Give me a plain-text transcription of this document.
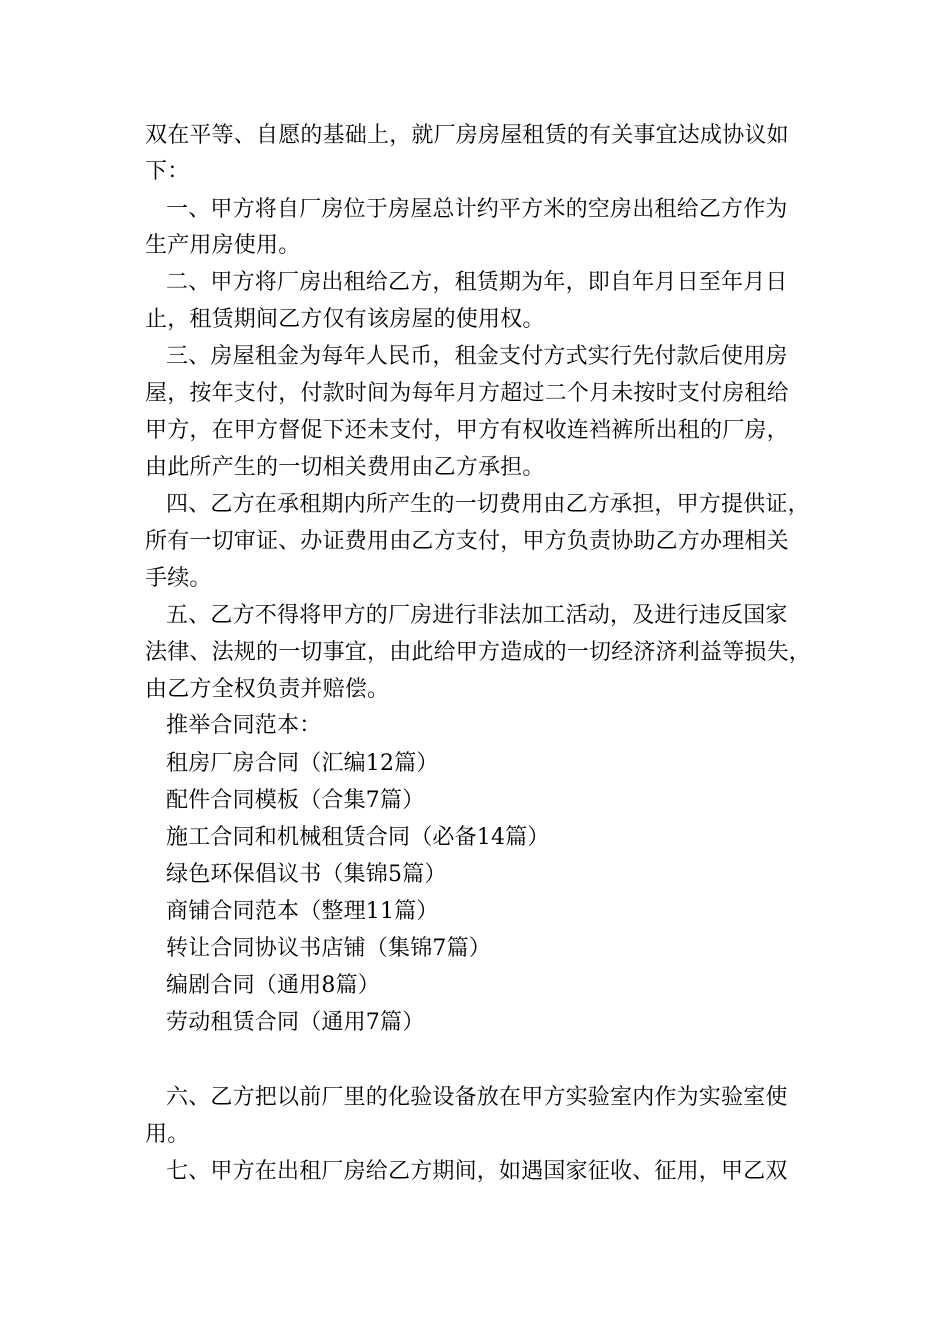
双在平等、自愿的基础上，就厂房房屋租赁的有关事宜达成协议如
下：
一、甲方将自厂房位于房屋总计约平方米的空房出租给乙方作为
生产用房使用。
二、甲方将厂房出租给乙方，租赁期为年，即自年月日至年月日
止，租赁期间乙方仅有该房屋的使用权。
三、房屋租金为每年人民币，租金支付方式实行先付款后使用房
屋，按年支付，付款时间为每年月方超过二个月未按时支付房租给
甲方，在甲方督促下还未支付，甲方有权收连裆裤所出租的厂房，
由此所产生的一切相关费用由乙方承担。
四、乙方在承租期内所产生的一切费用由乙方承担，甲方提供证，
所有一切审证、办证费用由乙方支付，甲方负责协助乙方办理相关
手续。
五、乙方不得将甲方的厂房进行非法加工活动，及进行违反国家
法律、法规的一切事宜，由此给甲方造成的一切经济济利益等损失，
由乙方全权负责并赔偿。
推举合同范本：
租房厂房合同（汇编12篇）
配件合同模板（合集7篇）
施工合同和机械租赁合同（必备14篇）
绿色环保倡议书（集锦5篇）
商铺合同范本（整理11篇）
转让合同协议书店铺（集锦7篇）
编剧合同（通用8篇）
劳动租赁合同（通用7篇）
六、乙方把以前厂里的化验设备放在甲方实验室内作为实验室使
用。
七、甲方在出租厂房给乙方期间，如遇国家征收、征用，甲乙双
